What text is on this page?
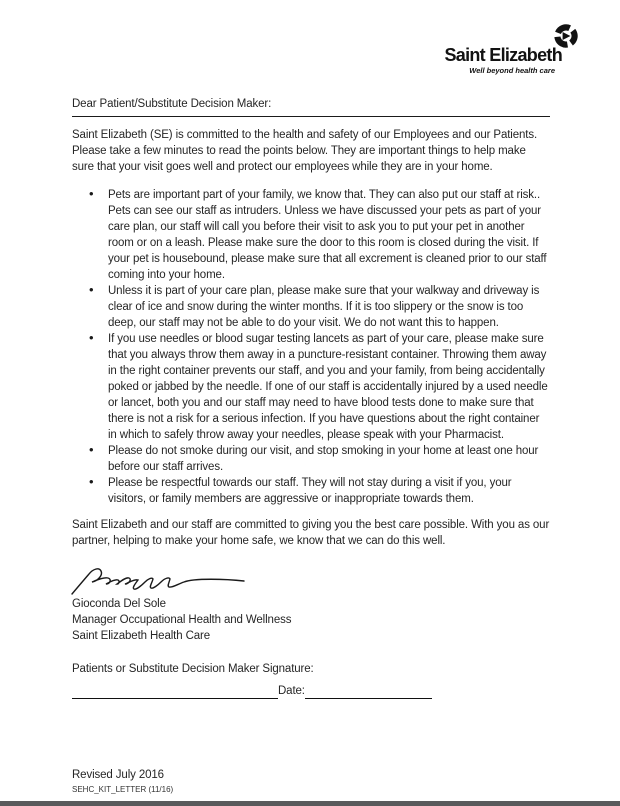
Saint Elizabeth
Well beyond health care
Dear Patient/Substitute Decision Maker:

Saint Elizabeth (SE) is committed to the health and safety of our Employees and our Patients. Please take a few minutes to read the points below. They are important things to help make sure that your visit goes well and protect our employees while they are in your home.

• Pets are important part of your family, we know that. They can also put our staff at risk.. Pets can see our staff as intruders. Unless we have discussed your pets as part of your care plan, our staff will call you before their visit to ask you to put your pet in another room or on a leash. Please make sure the door to this room is closed during the visit. If your pet is housebound, please make sure that all excrement is cleaned prior to our staff coming into your home.
• Unless it is part of your care plan, please make sure that your walkway and driveway is clear of ice and snow during the winter months. If it is too slippery or the snow is too deep, our staff may not be able to do your visit. We do not want this to happen.
• If you use needles or blood sugar testing lancets as part of your care, please make sure that you always throw them away in a puncture-resistant container. Throwing them away in the right container prevents our staff, and you and your family, from being accidentally poked or jabbed by the needle. If one of our staff is accidentally injured by a used needle or lancet, both you and our staff may need to have blood tests done to make sure that there is not a risk for a serious infection. If you have questions about the right container in which to safely throw away your needles, please speak with your Pharmacist.
• Please do not smoke during our visit, and stop smoking in your home at least one hour before our staff arrives.
• Please be respectful towards our staff. They will not stay during a visit if you, your visitors, or family members are aggressive or inappropriate towards them.

Saint Elizabeth and our staff are committed to giving you the best care possible. With you as our partner, helping to make your home safe, we know that we can do this well.

Gioconda Del Sole
Manager Occupational Health and Wellness
Saint Elizabeth Health Care
Patients or Substitute Decision Maker Signature:
Date:
Revised July 2016
SEHC_KIT_LETTER (11/16)
